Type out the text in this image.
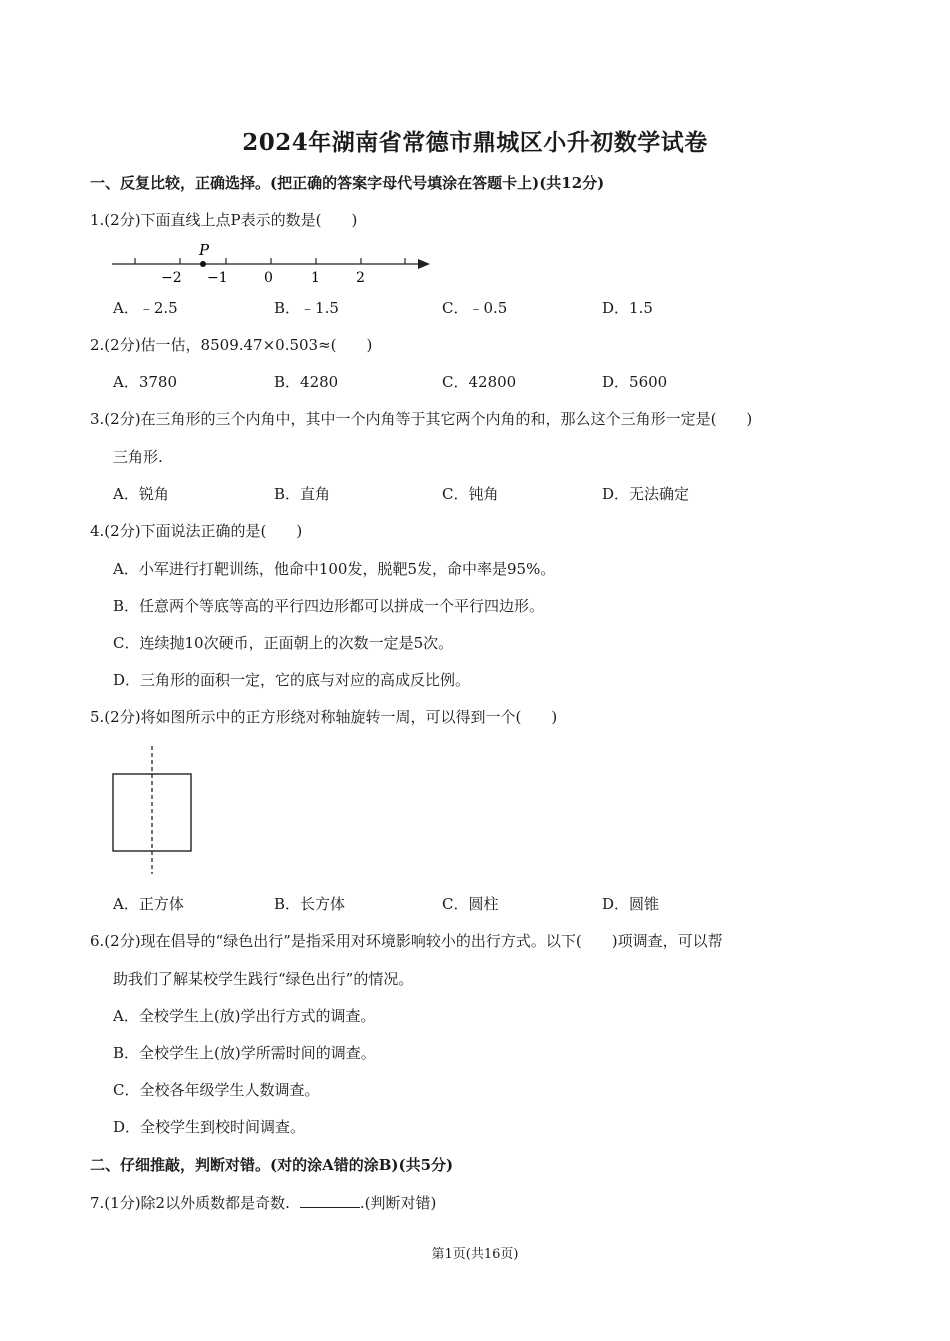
2024年湖南省常德市鼎城区小升初数学试卷
一、反复比较，正确选择。(把正确的答案字母代号填涂在答题卡上)(共12分)
1.(2分)下面直线上点P表示的数是(　　)
P
−2 −1	0	1	2
A．﹣2.5	B．﹣1.5	C．﹣0.5	D．1.5
2.(2分)估一估，8509.47×0.503≈(　　)
A．3780	B．4280	C．42800	D．5600
3.(2分)在三角形的三个内角中，其中一个内角等于其它两个内角的和，那么这个三角形一定是(　　)
三角形.
A．锐角	B．直角	C．钝角	D．无法确定
4.(2分)下面说法正确的是(　　)
A．小军进行打靶训练，他命中100发，脱靶5发，命中率是95%。
B．任意两个等底等高的平行四边形都可以拼成一个平行四边形。
C．连续抛10次硬币，正面朝上的次数一定是5次。
D．三角形的面积一定，它的底与对应的高成反比例。
5.(2分)将如图所示中的正方形绕对称轴旋转一周，可以得到一个(　　)
A．正方体	B．长方体	C．圆柱	D．圆锥
6.(2分)现在倡导的“绿色出行”是指采用对环境影响较小的出行方式。以下(　　)项调查，可以帮
助我们了解某校学生践行“绿色出行”的情况。
A．全校学生上(放)学出行方式的调查。
B．全校学生上(放)学所需时间的调查。
C．全校各年级学生人数调查。
D．全校学生到校时间调查。
二、仔细推敲，判断对错。(对的涂A错的涂B)(共5分)
7.(1分)除2以外质数都是奇数.	.(判断对错)
第1页(共16页)
